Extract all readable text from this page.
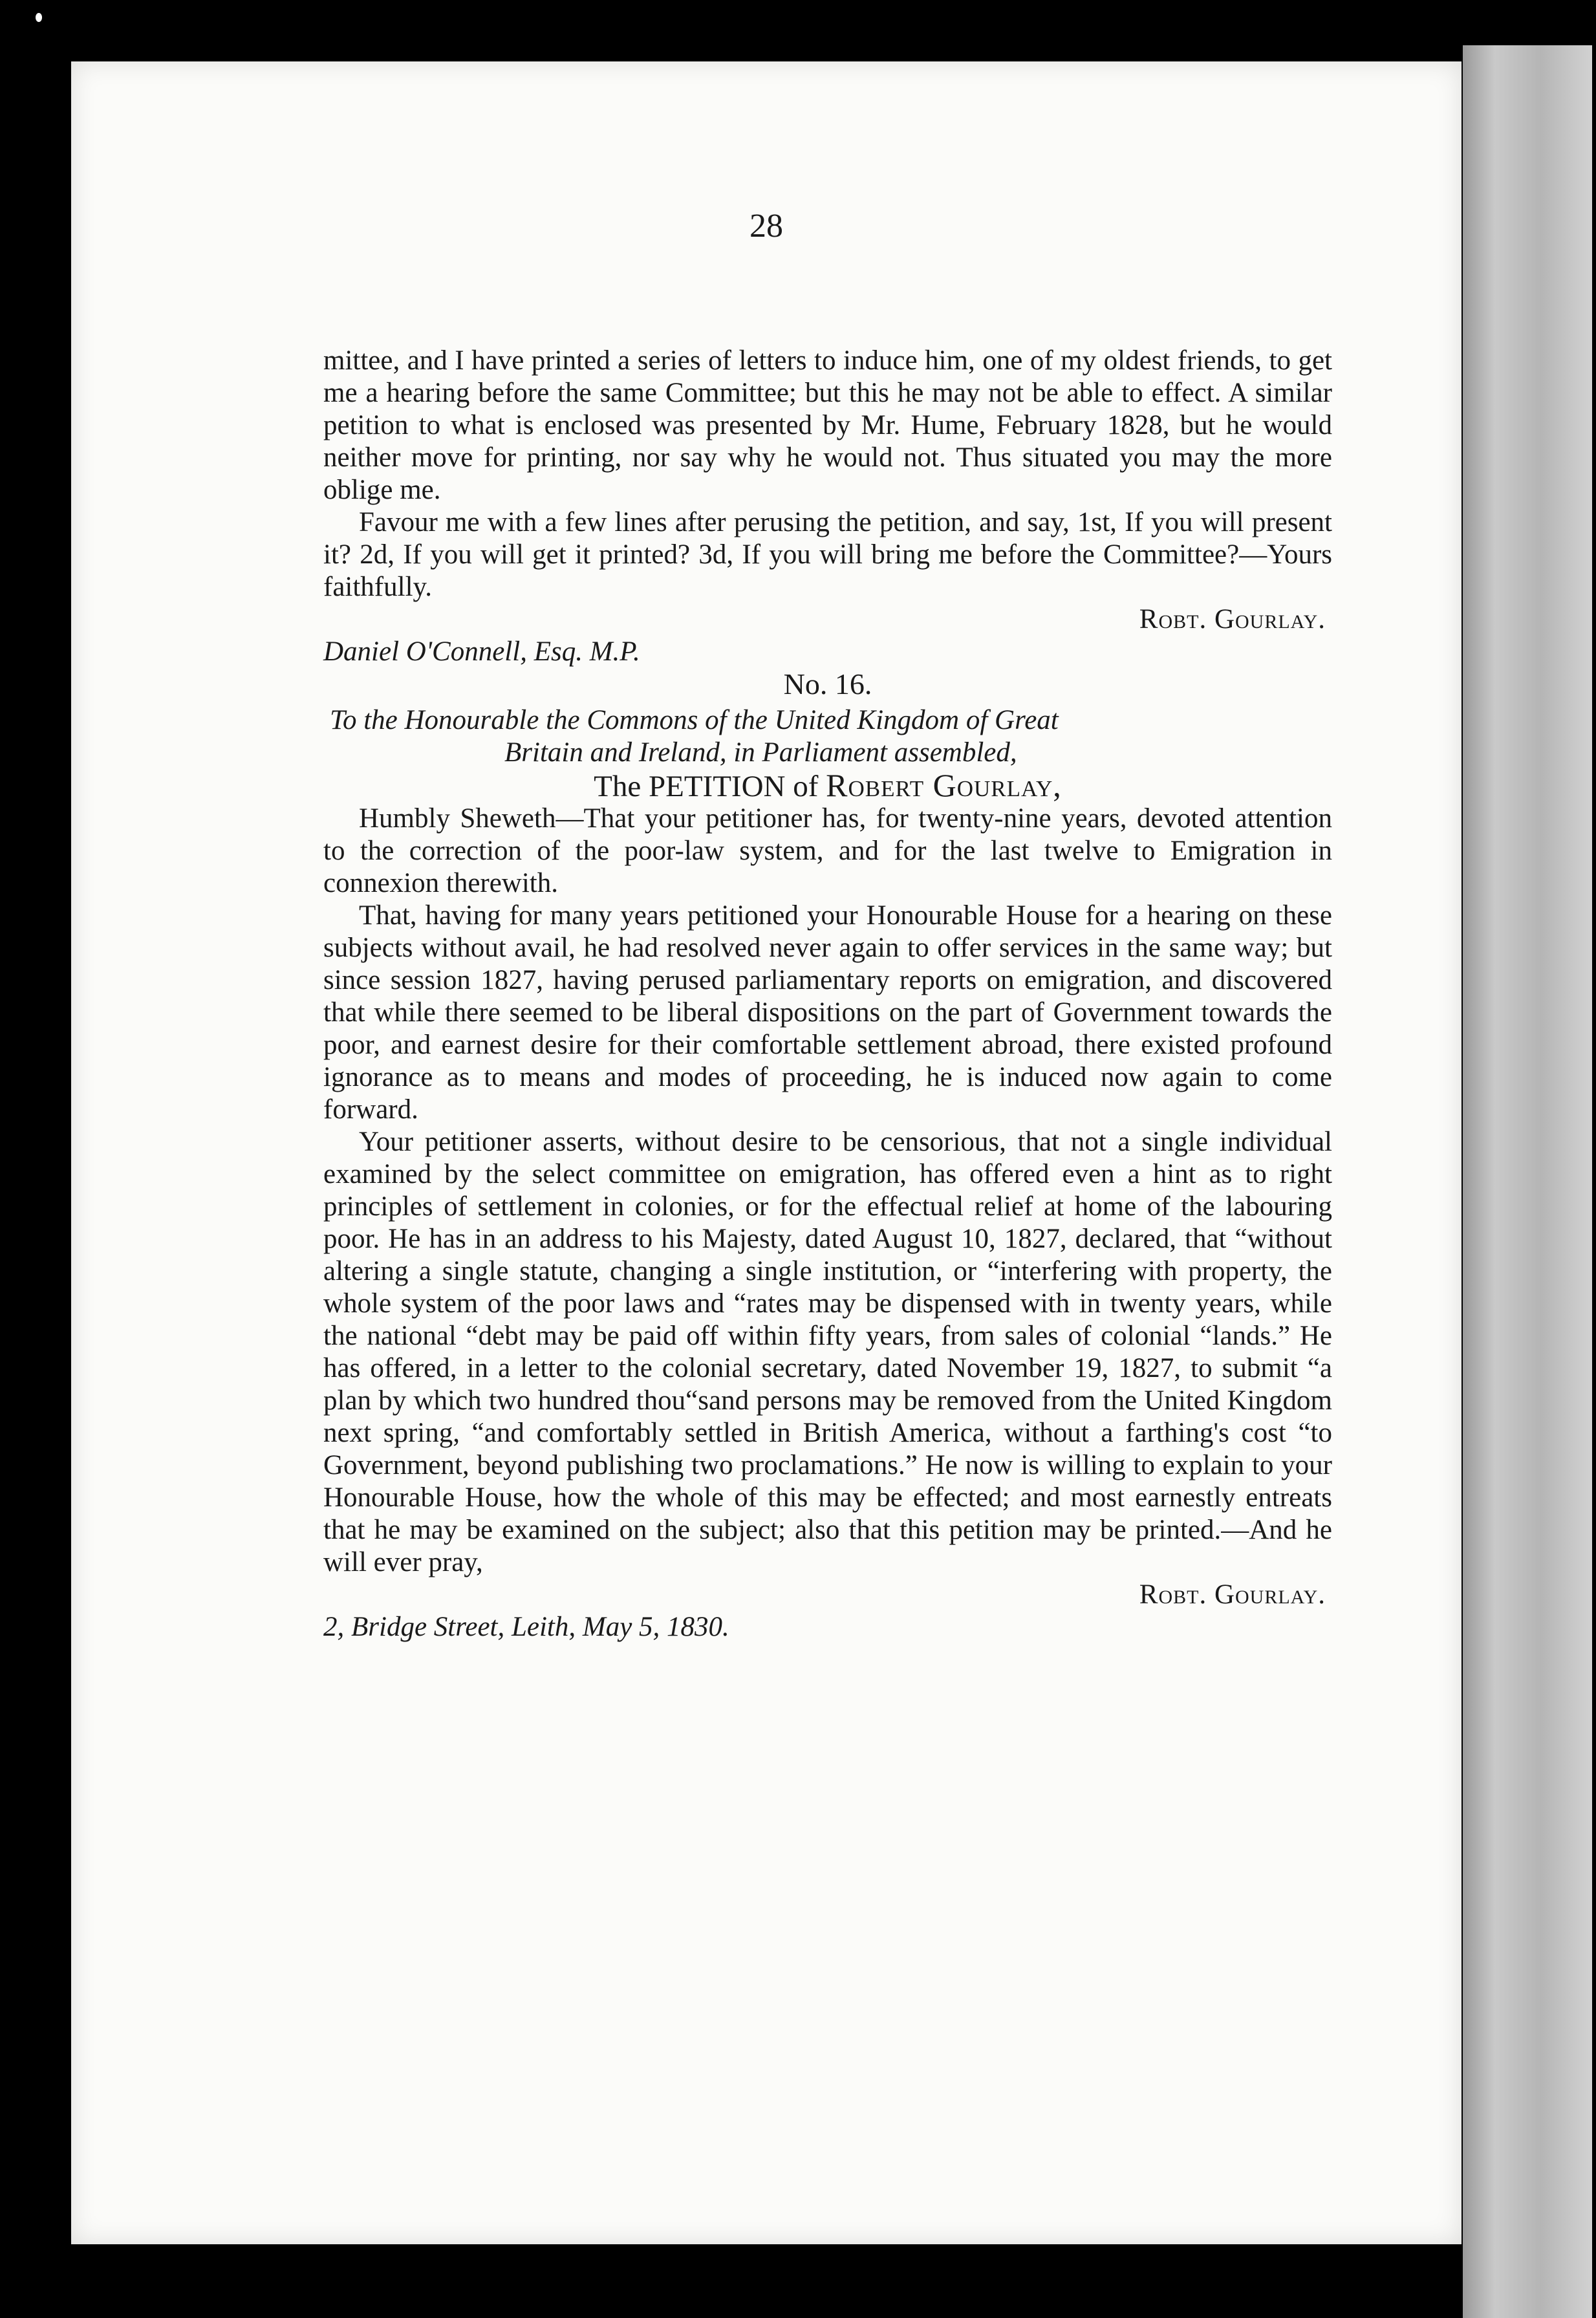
28

mittee, and I have printed a series of letters to induce him, one of my oldest friends, to get me a hearing before the same Committee; but this he may not be able to effect. A similar petition to what is enclosed was presented by Mr. Hume, February 1828, but he would neither move for printing, nor say why he would not. Thus situated you may the more oblige me.

Favour me with a few lines after perusing the petition, and say, 1st, If you will present it? 2d, If you will get it printed? 3d, If you will bring me before the Committee?—Yours faithfully.

Robt. Gourlay.

Daniel O'Connell, Esq. M.P.

No. 16.

To the Honourable the Commons of the United Kingdom of Great

Britain and Ireland, in Parliament assembled,

The PETITION of Robert Gourlay,

Humbly Sheweth—That your petitioner has, for twenty-nine years, devoted attention to the correction of the poor-law system, and for the last twelve to Emigration in connexion therewith.

That, having for many years petitioned your Honourable House for a hearing on these subjects without avail, he had resolved never again to offer services in the same way; but since session 1827, having perused parliamentary reports on emigration, and discovered that while there seemed to be liberal dispositions on the part of Government towards the poor, and earnest desire for their comfortable settlement abroad, there existed profound ignorance as to means and modes of proceeding, he is induced now again to come forward.

Your petitioner asserts, without desire to be censorious, that not a single individual examined by the select committee on emigration, has offered even a hint as to right principles of settlement in colonies, or for the effectual relief at home of the labouring poor. He has in an address to his Majesty, dated August 10, 1827, declared, that “without altering a single statute, changing a single institution, or “interfering with property, the whole system of the poor laws and “rates may be dispensed with in twenty years, while the national “debt may be paid off within fifty years, from sales of colonial “lands.” He has offered, in a letter to the colonial secretary, dated November 19, 1827, to submit “a plan by which two hundred thou“sand persons may be removed from the United Kingdom next spring, “and comfortably settled in British America, without a farthing's cost “to Government, beyond publishing two proclamations.” He now is willing to explain to your Honourable House, how the whole of this may be effected; and most earnestly entreats that he may be examined on the subject; also that this petition may be printed.—And he will ever pray,

Robt. Gourlay.

2, Bridge Street, Leith, May 5, 1830.
